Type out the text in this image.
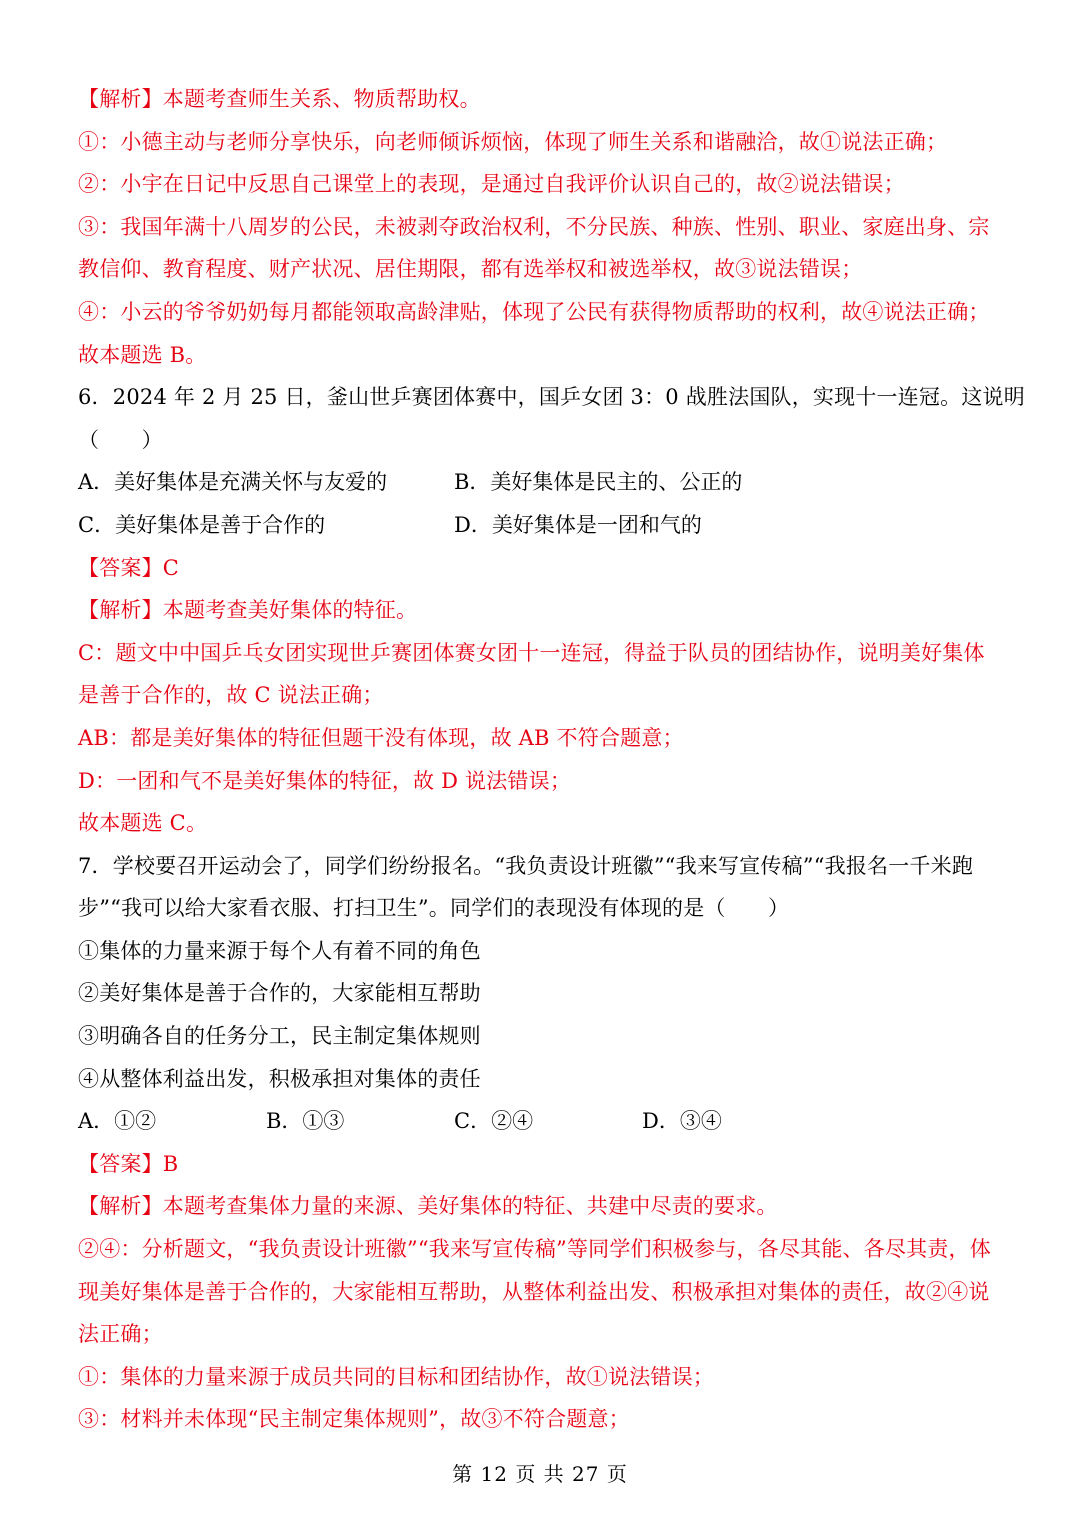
【解析】本题考查师生关系、物质帮助权。
①：小德主动与老师分享快乐，向老师倾诉烦恼，体现了师生关系和谐融洽，故①说法正确；
②：小宇在日记中反思自己课堂上的表现，是通过自我评价认识自己的，故②说法错误；
③：我国年满十八周岁的公民，未被剥夺政治权利，不分民族、种族、性别、职业、家庭出身、宗
教信仰、教育程度、财产状况、居住期限，都有选举权和被选举权，故③说法错误；
④：小云的爷爷奶奶每月都能领取高龄津贴，体现了公民有获得物质帮助的权利，故④说法正确；
故本题选 B。
6．2024 年 2 月 25 日，釜山世乒赛团体赛中，国乒女团 3：0 战胜法国队，实现十一连冠。这说明
（　　）
A．美好集体是充满关怀与友爱的	B．美好集体是民主的、公正的
C．美好集体是善于合作的	D．美好集体是一团和气的
【答案】C
【解析】本题考查美好集体的特征。
C：题文中中国乒乓女团实现世乒赛团体赛女团十一连冠，得益于队员的团结协作，说明美好集体
是善于合作的，故 C 说法正确；
AB：都是美好集体的特征但题干没有体现，故 AB 不符合题意；
D：一团和气不是美好集体的特征，故 D 说法错误；
故本题选 C。
7．学校要召开运动会了，同学们纷纷报名。“我负责设计班徽”“我来写宣传稿”“我报名一千米跑
步”“我可以给大家看衣服、打扫卫生”。同学们的表现没有体现的是（　　）
①集体的力量来源于每个人有着不同的角色
②美好集体是善于合作的，大家能相互帮助
③明确各自的任务分工，民主制定集体规则
④从整体利益出发，积极承担对集体的责任
A．①②	B．①③	C．②④	D．③④
【答案】B
【解析】本题考查集体力量的来源、美好集体的特征、共建中尽责的要求。
②④：分析题文，“我负责设计班徽”“我来写宣传稿”等同学们积极参与，各尽其能、各尽其责，体
现美好集体是善于合作的，大家能相互帮助，从整体利益出发、积极承担对集体的责任，故②④说
法正确；
①：集体的力量来源于成员共同的目标和团结协作，故①说法错误；
③：材料并未体现“民主制定集体规则”，故③不符合题意；
第 12 页 共 27 页
